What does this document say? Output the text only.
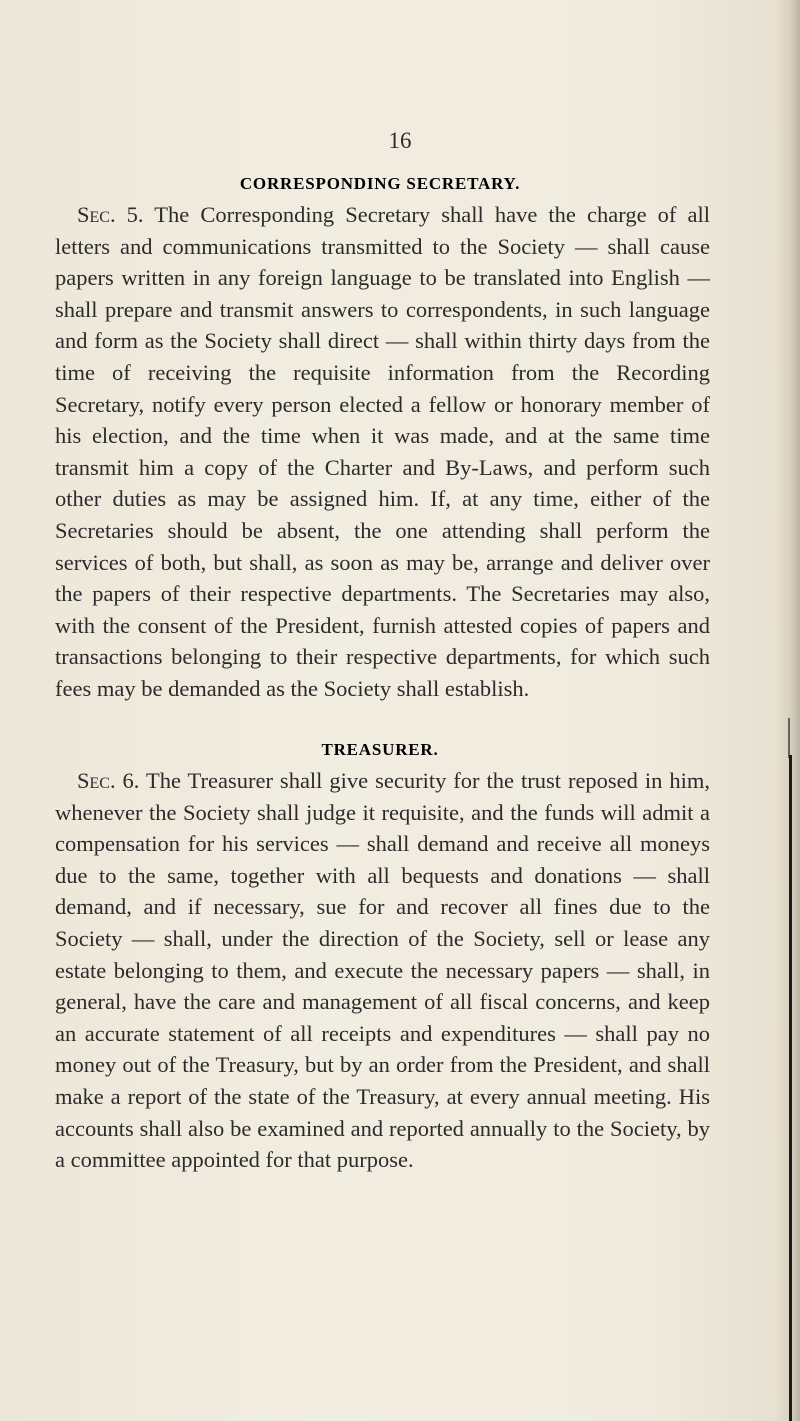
16
CORRESPONDING SECRETARY.

Sec. 5. The Corresponding Secretary shall have the charge of all letters and communications transmitted to the Society — shall cause papers written in any foreign language to be translated into English — shall prepare and transmit answers to correspondents, in such language and form as the Society shall direct — shall within thirty days from the time of receiving the requisite information from the Recording Secretary, notify every person elected a fellow or honorary member of his election, and the time when it was made, and at the same time transmit him a copy of the Charter and By-Laws, and perform such other duties as may be assigned him. If, at any time, either of the Secretaries should be absent, the one attending shall perform the services of both, but shall, as soon as may be, arrange and deliver over the papers of their respective departments. The Secretaries may also, with the consent of the President, furnish attested copies of papers and transactions belonging to their respective departments, for which such fees may be demanded as the Society shall establish.

TREASURER.

Sec. 6. The Treasurer shall give security for the trust reposed in him, whenever the Society shall judge it requisite, and the funds will admit a compensation for his services — shall demand and receive all moneys due to the same, together with all bequests and donations — shall demand, and if necessary, sue for and recover all fines due to the Society — shall, under the direction of the Society, sell or lease any estate belonging to them, and execute the necessary papers — shall, in general, have the care and management of all fiscal concerns, and keep an accurate statement of all receipts and expenditures — shall pay no money out of the Treasury, but by an order from the President, and shall make a report of the state of the Treasury, at every annual meeting. His accounts shall also be examined and reported annually to the Society, by a committee appointed for that purpose.
